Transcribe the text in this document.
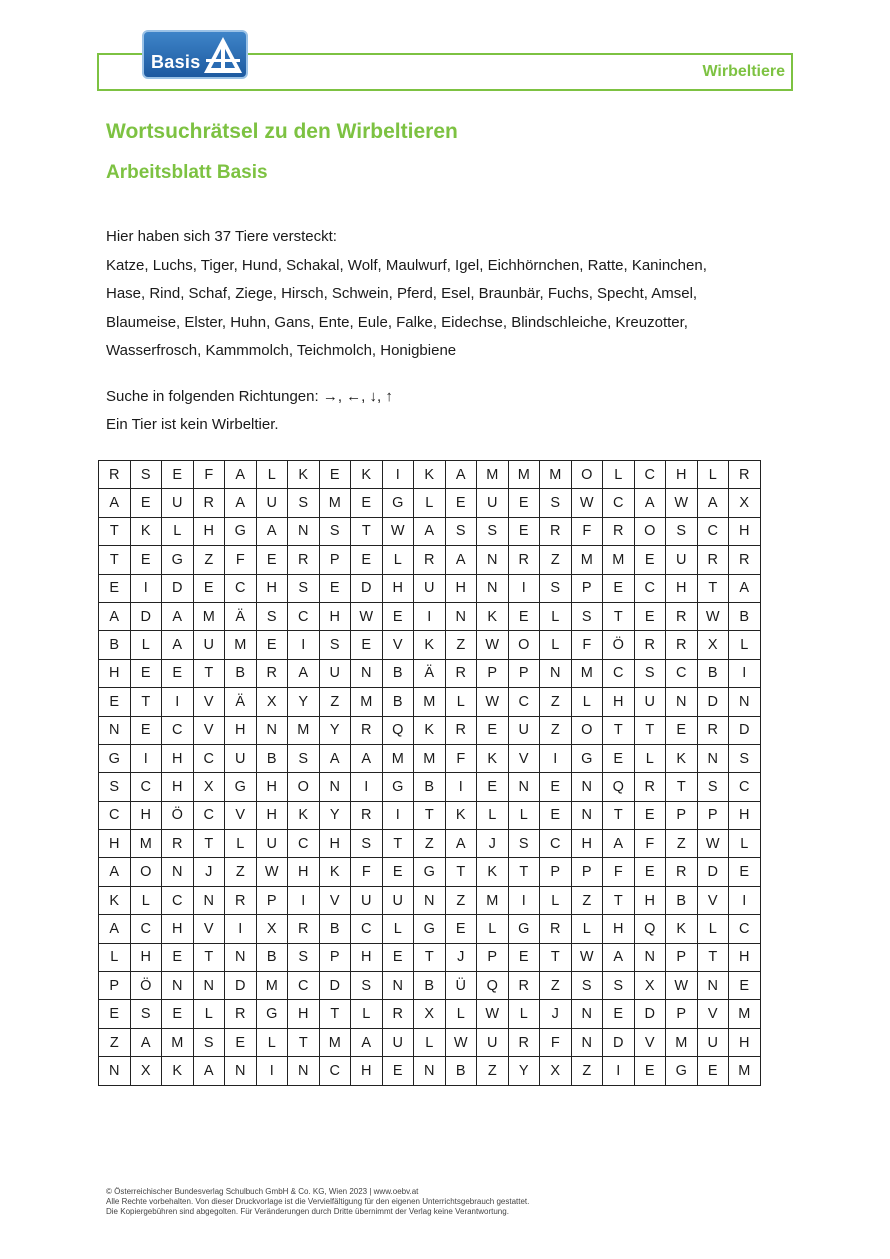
Basis	Wirbeltiere
Wortsuchrätsel zu den Wirbeltieren
Arbeitsblatt Basis

Hier haben sich 37 Tiere versteckt:

Katze, Luchs, Tiger, Hund, Schakal, Wolf, Maulwurf, Igel, Eichhörnchen, Ratte, Kaninchen,

Hase, Rind, Schaf, Ziege, Hirsch, Schwein, Pferd, Esel, Braunbär, Fuchs, Specht, Amsel,

Blaumeise, Elster, Huhn, Gans, Ente, Eule, Falke, Eidechse, Blindschleiche, Kreuzotter,

Wasserfrosch, Kammmolch, Teichmolch, Honigbiene

Suche in folgenden Richtungen: →, ←, ↓, ↑

Ein Tier ist kein Wirbeltier.

R	S	E	F	A	L	K	E	K	I	K	A	M	M	M	O	L	C	H	L	R
A	E	U	R	A	U	S	M	E	G	L	E	U	E	S	W	C	A	W	A	X
T	K	L	H	G	A	N	S	T	W	A	S	S	E	R	F	R	O	S	C	H
T	E	G	Z	F	E	R	P	E	L	R	A	N	R	Z	M	M	E	U	R	R
E	I	D	E	C	H	S	E	D	H	U	H	N	I	S	P	E	C	H	T	A
A	D	A	M	Ä	S	C	H	W	E	I	N	K	E	L	S	T	E	R	W	B
B	L	A	U	M	E	I	S	E	V	K	Z	W	O	L	F	Ö	R	R	X	L
H	E	E	T	B	R	A	U	N	B	Ä	R	P	P	N	M	C	S	C	B	I
E	T	I	V	Ä	X	Y	Z	M	B	M	L	W	C	Z	L	H	U	N	D	N
N	E	C	V	H	N	M	Y	R	Q	K	R	E	U	Z	O	T	T	E	R	D
G	I	H	C	U	B	S	A	A	M	M	F	K	V	I	G	E	L	K	N	S
S	C	H	X	G	H	O	N	I	G	B	I	E	N	E	N	Q	R	T	S	C
C	H	Ö	C	V	H	K	Y	R	I	T	K	L	L	E	N	T	E	P	P	H
H	M	R	T	L	U	C	H	S	T	Z	A	J	S	C	H	A	F	Z	W	L
A	O	N	J	Z	W	H	K	F	E	G	T	K	T	P	P	F	E	R	D	E
K	L	C	N	R	P	I	V	U	U	N	Z	M	I	L	Z	T	H	B	V	I
A	C	H	V	I	X	R	B	C	L	G	E	L	G	R	L	H	Q	K	L	C
L	H	E	T	N	B	S	P	H	E	T	J	P	E	T	W	A	N	P	T	H
P	Ö	N	N	D	M	C	D	S	N	B	Ü	Q	R	Z	S	S	X	W	N	E
E	S	E	L	R	G	H	T	L	R	X	L	W	L	J	N	E	D	P	V	M
Z	A	M	S	E	L	T	M	A	U	L	W	U	R	F	N	D	V	M	U	H
N	X	K	A	N	I	N	C	H	E	N	B	Z	Y	X	Z	I	E	G	E	M

© Österreichischer Bundesverlag Schulbuch GmbH & Co. KG, Wien 2023 | www.oebv.at

Alle Rechte vorbehalten. Von dieser Druckvorlage ist die Vervielfältigung für den eigenen Unterrichtsgebrauch gestattet.

Die Kopiergebühren sind abgegolten. Für Veränderungen durch Dritte übernimmt der Verlag keine Verantwortung.
